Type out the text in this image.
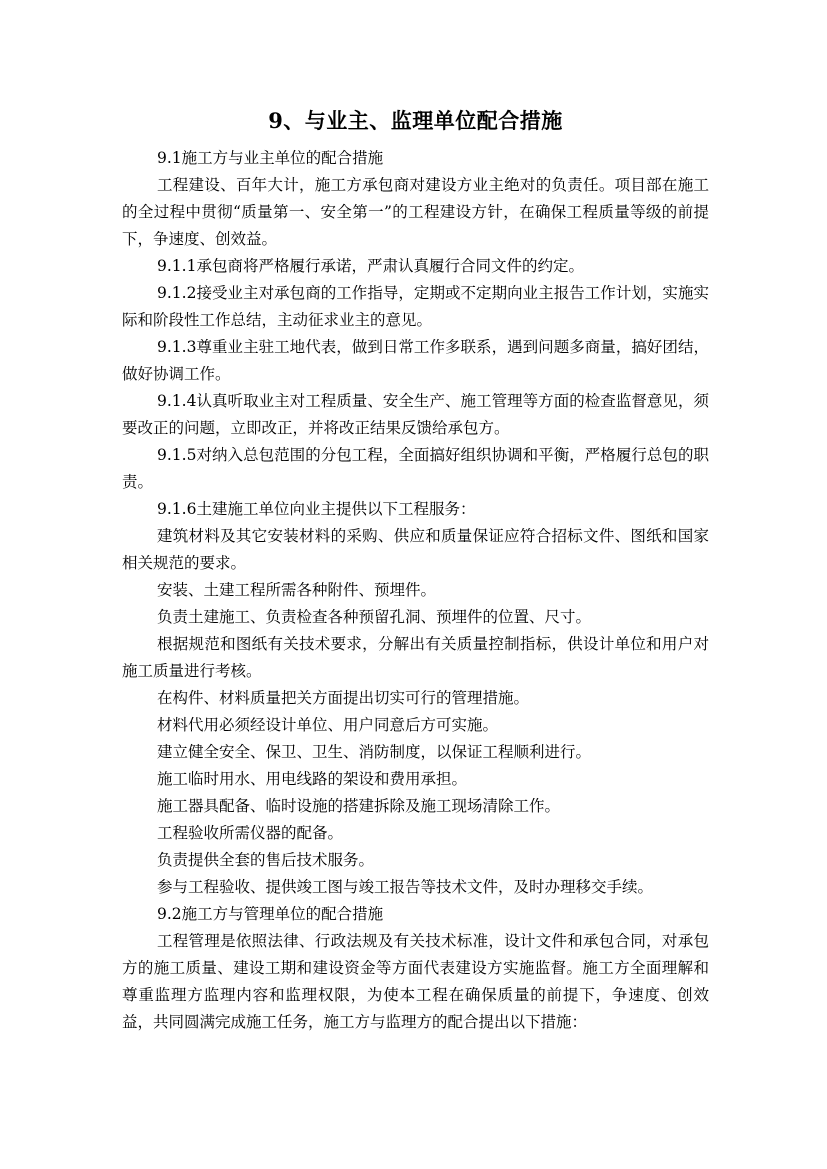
9、与业主、监理单位配合措施

9.1施工方与业主单位的配合措施

工程建设、百年大计，施工方承包商对建设方业主绝对的负责任。项目部在施工的全过程中贯彻“质量第一、安全第一”的工程建设方针，在确保工程质量等级的前提下，争速度、创效益。

9.1.1承包商将严格履行承诺，严肃认真履行合同文件的约定。

9.1.2接受业主对承包商的工作指导，定期或不定期向业主报告工作计划，实施实际和阶段性工作总结，主动征求业主的意见。

9.1.3尊重业主驻工地代表，做到日常工作多联系，遇到问题多商量，搞好团结，做好协调工作。

9.1.4认真听取业主对工程质量、安全生产、施工管理等方面的检查监督意见，须要改正的问题，立即改正，并将改正结果反馈给承包方。

9.1.5对纳入总包范围的分包工程，全面搞好组织协调和平衡，严格履行总包的职责。

9.1.6土建施工单位向业主提供以下工程服务：

建筑材料及其它安装材料的采购、供应和质量保证应符合招标文件、图纸和国家相关规范的要求。

安装、土建工程所需各种附件、预埋件。

负责土建施工、负责检查各种预留孔洞、预埋件的位置、尺寸。

根据规范和图纸有关技术要求，分解出有关质量控制指标，供设计单位和用户对施工质量进行考核。

在构件、材料质量把关方面提出切实可行的管理措施。

材料代用必须经设计单位、用户同意后方可实施。

建立健全安全、保卫、卫生、消防制度，以保证工程顺利进行。

施工临时用水、用电线路的架设和费用承担。

施工器具配备、临时设施的搭建拆除及施工现场清除工作。

工程验收所需仪器的配备。

负责提供全套的售后技术服务。

参与工程验收、提供竣工图与竣工报告等技术文件，及时办理移交手续。

9.2施工方与管理单位的配合措施

工程管理是依照法律、行政法规及有关技术标准，设计文件和承包合同，对承包方的施工质量、建设工期和建设资金等方面代表建设方实施监督。施工方全面理解和尊重监理方监理内容和监理权限，为使本工程在确保质量的前提下，争速度、创效益，共同圆满完成施工任务，施工方与监理方的配合提出以下措施：
